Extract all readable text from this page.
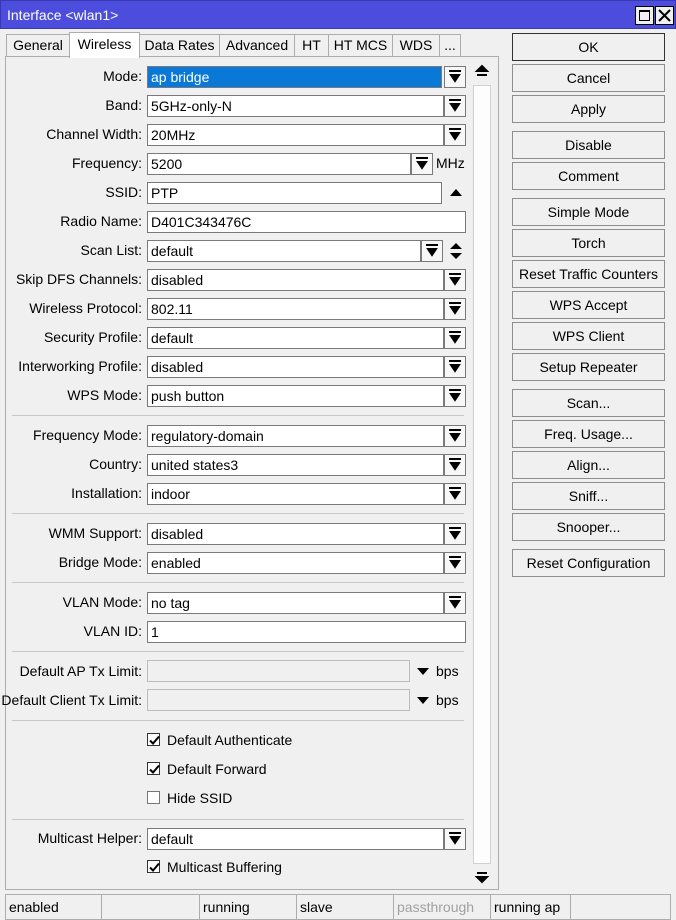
Interface <wlan1>
General	Wireless Data Rates Advanced	HT HT MCS WDS ...
Mode: ap bridge
Band: 5GHz-only-N
Channel Width: 20MHz
Frequency: 5200	MHz
SSID: PTP
Radio Name: D401C343476C
Scan List: default
Skip DFS Channels: disabled
Wireless Protocol: 802.11
Security Profile: default
Interworking Profile: disabled
WPS Mode: push button
Frequency Mode: regulatory-domain
Country: united states3
Installation: indoor
WMM Support: disabled
Bridge Mode: enabled
VLAN Mode: no tag
VLAN ID: 1
Default AP Tx Limit:	bps
Default Client Tx Limit:	bps
Default Authenticate
Default Forward
Hide SSID
Multicast Helper: default
Multicast Buffering
OK
Cancel
Apply
Disable
Comment
Simple Mode
Torch
Reset Traffic Counters
WPS Accept
WPS Client
Setup Repeater
Scan...
Freq. Usage...
Align...
Sniff...
Snooper...
Reset Configuration
enabled	running	slave	passthrough	running ap
